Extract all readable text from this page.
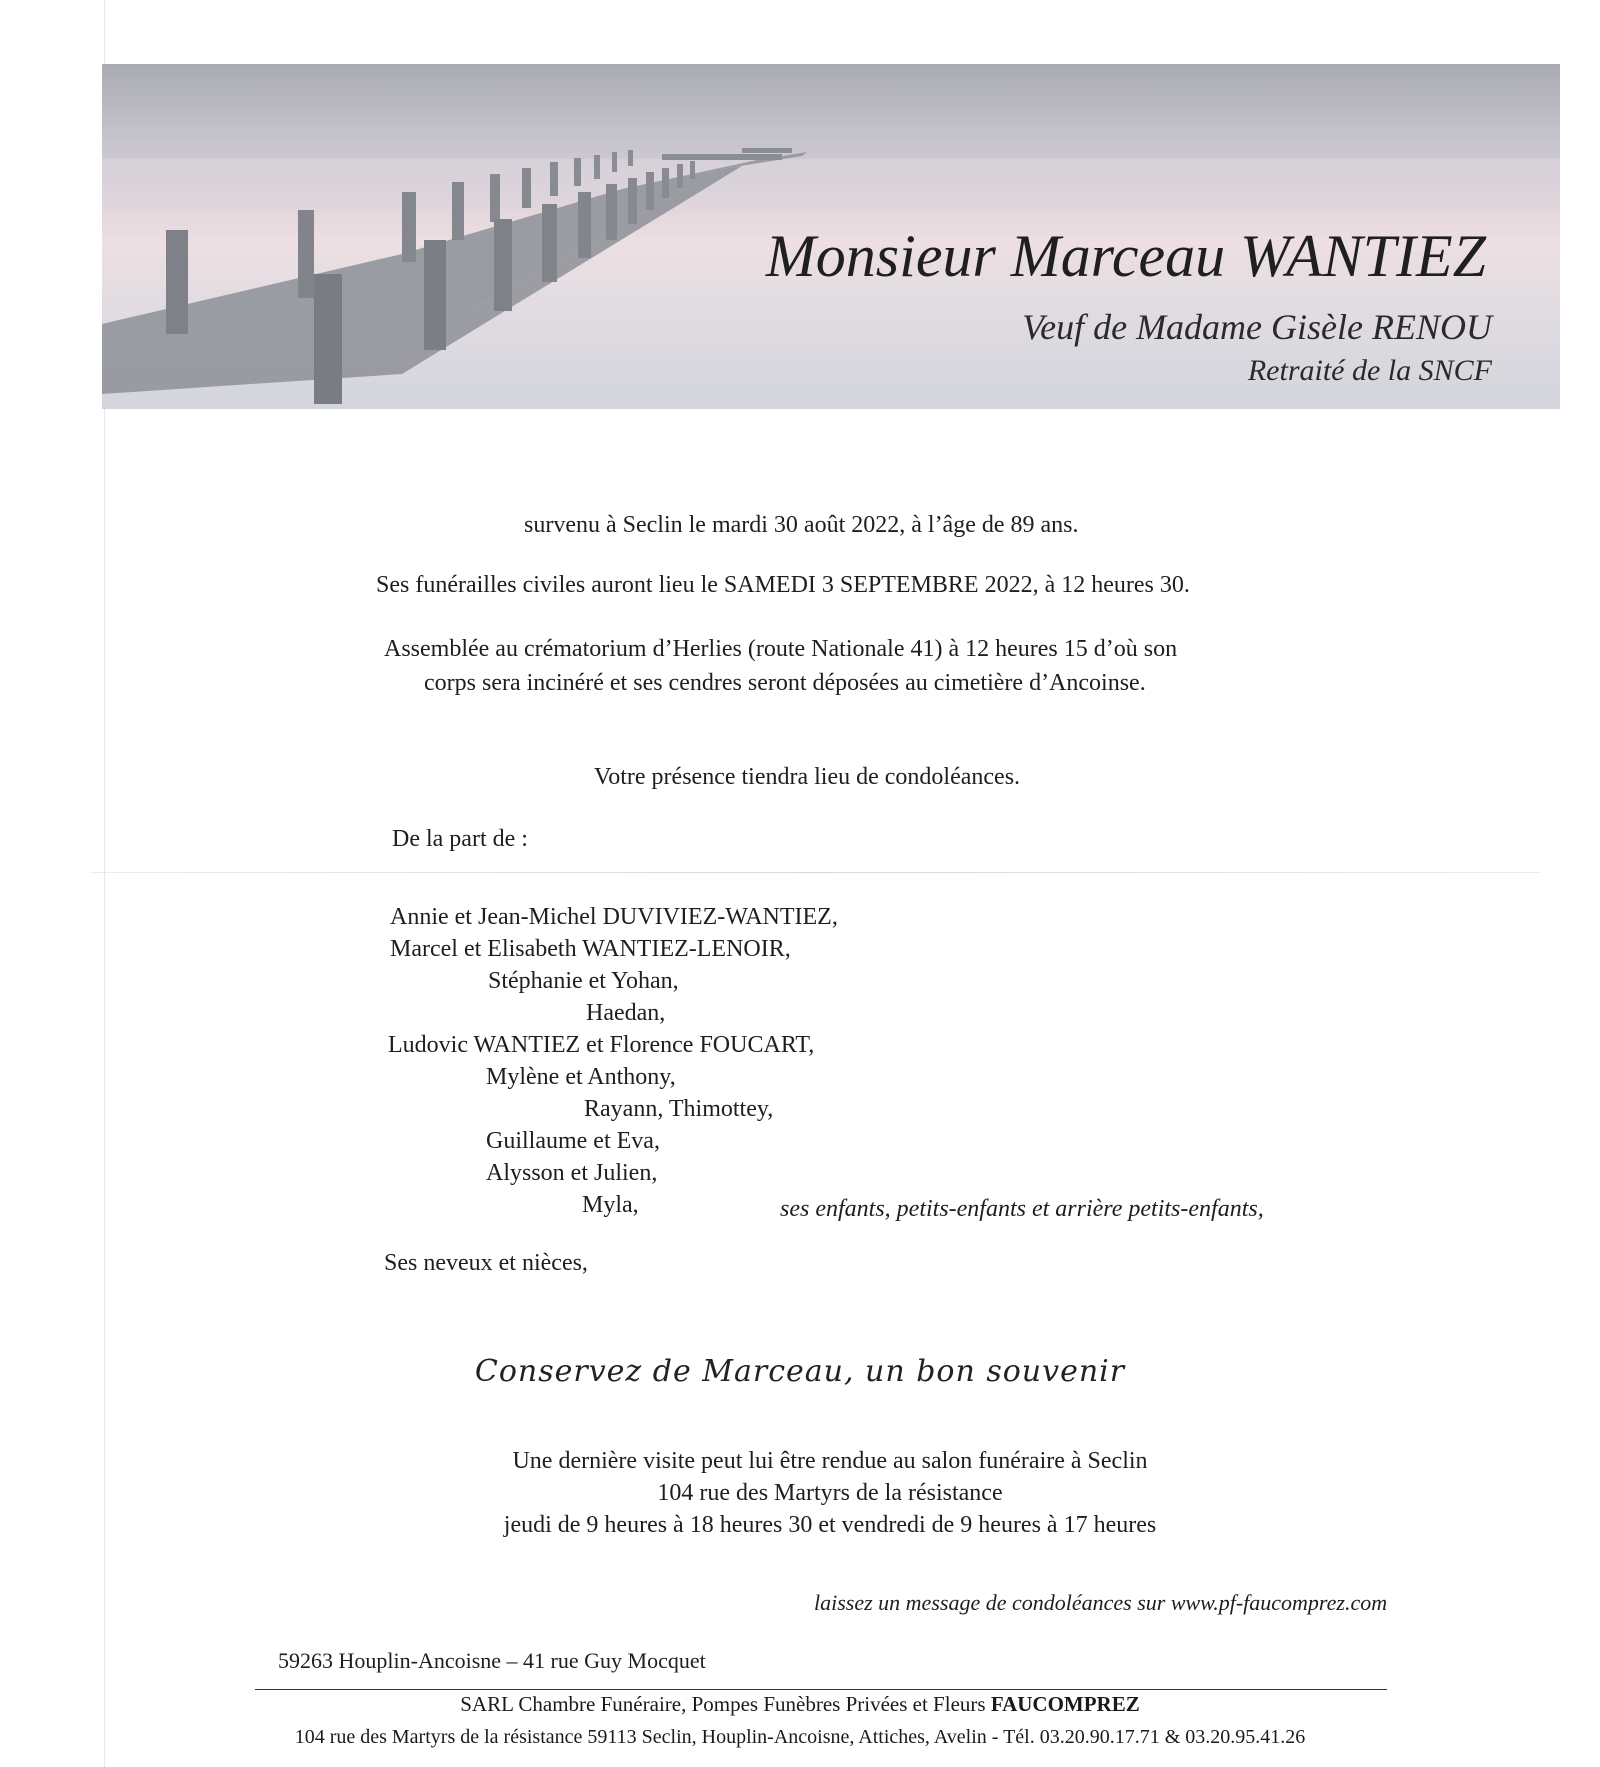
Monsieur Marceau WANTIEZ
Veuf de Madame Gisèle RENOU
Retraité de la SNCF
survenu à Seclin le mardi 30 août 2022, à l’âge de 89 ans.
Ses funérailles civiles auront lieu le SAMEDI 3 SEPTEMBRE 2022, à 12 heures 30.
Assemblée au crématorium d’Herlies (route Nationale 41) à 12 heures 15 d’où son
corps sera incinéré et ses cendres seront déposées au cimetière d’Ancoinse.
Votre présence tiendra lieu de condoléances.
De la part de :
Annie et Jean-Michel DUVIVIEZ-WANTIEZ,
Marcel et Elisabeth WANTIEZ-LENOIR,
Stéphanie et Yohan,
Haedan,
Ludovic WANTIEZ et Florence FOUCART,
Mylène et Anthony,
Rayann, Thimottey,
Guillaume et Eva,
Alysson et Julien,
Myla,	ses enfants, petits-enfants et arrière petits-enfants,
Ses neveux et nièces,
Conservez de Marceau, un bon souvenir
Une dernière visite peut lui être rendue au salon funéraire à Seclin
104 rue des Martyrs de la résistance
jeudi de 9 heures à 18 heures 30 et vendredi de 9 heures à 17 heures
laissez un message de condoléances sur www.pf-faucomprez.com
59263 Houplin-Ancoisne – 41 rue Guy Mocquet
SARL Chambre Funéraire, Pompes Funèbres Privées et Fleurs FAUCOMPREZ
104 rue des Martyrs de la résistance 59113 Seclin, Houplin-Ancoisne, Attiches, Avelin - Tél. 03.20.90.17.71 & 03.20.95.41.26
